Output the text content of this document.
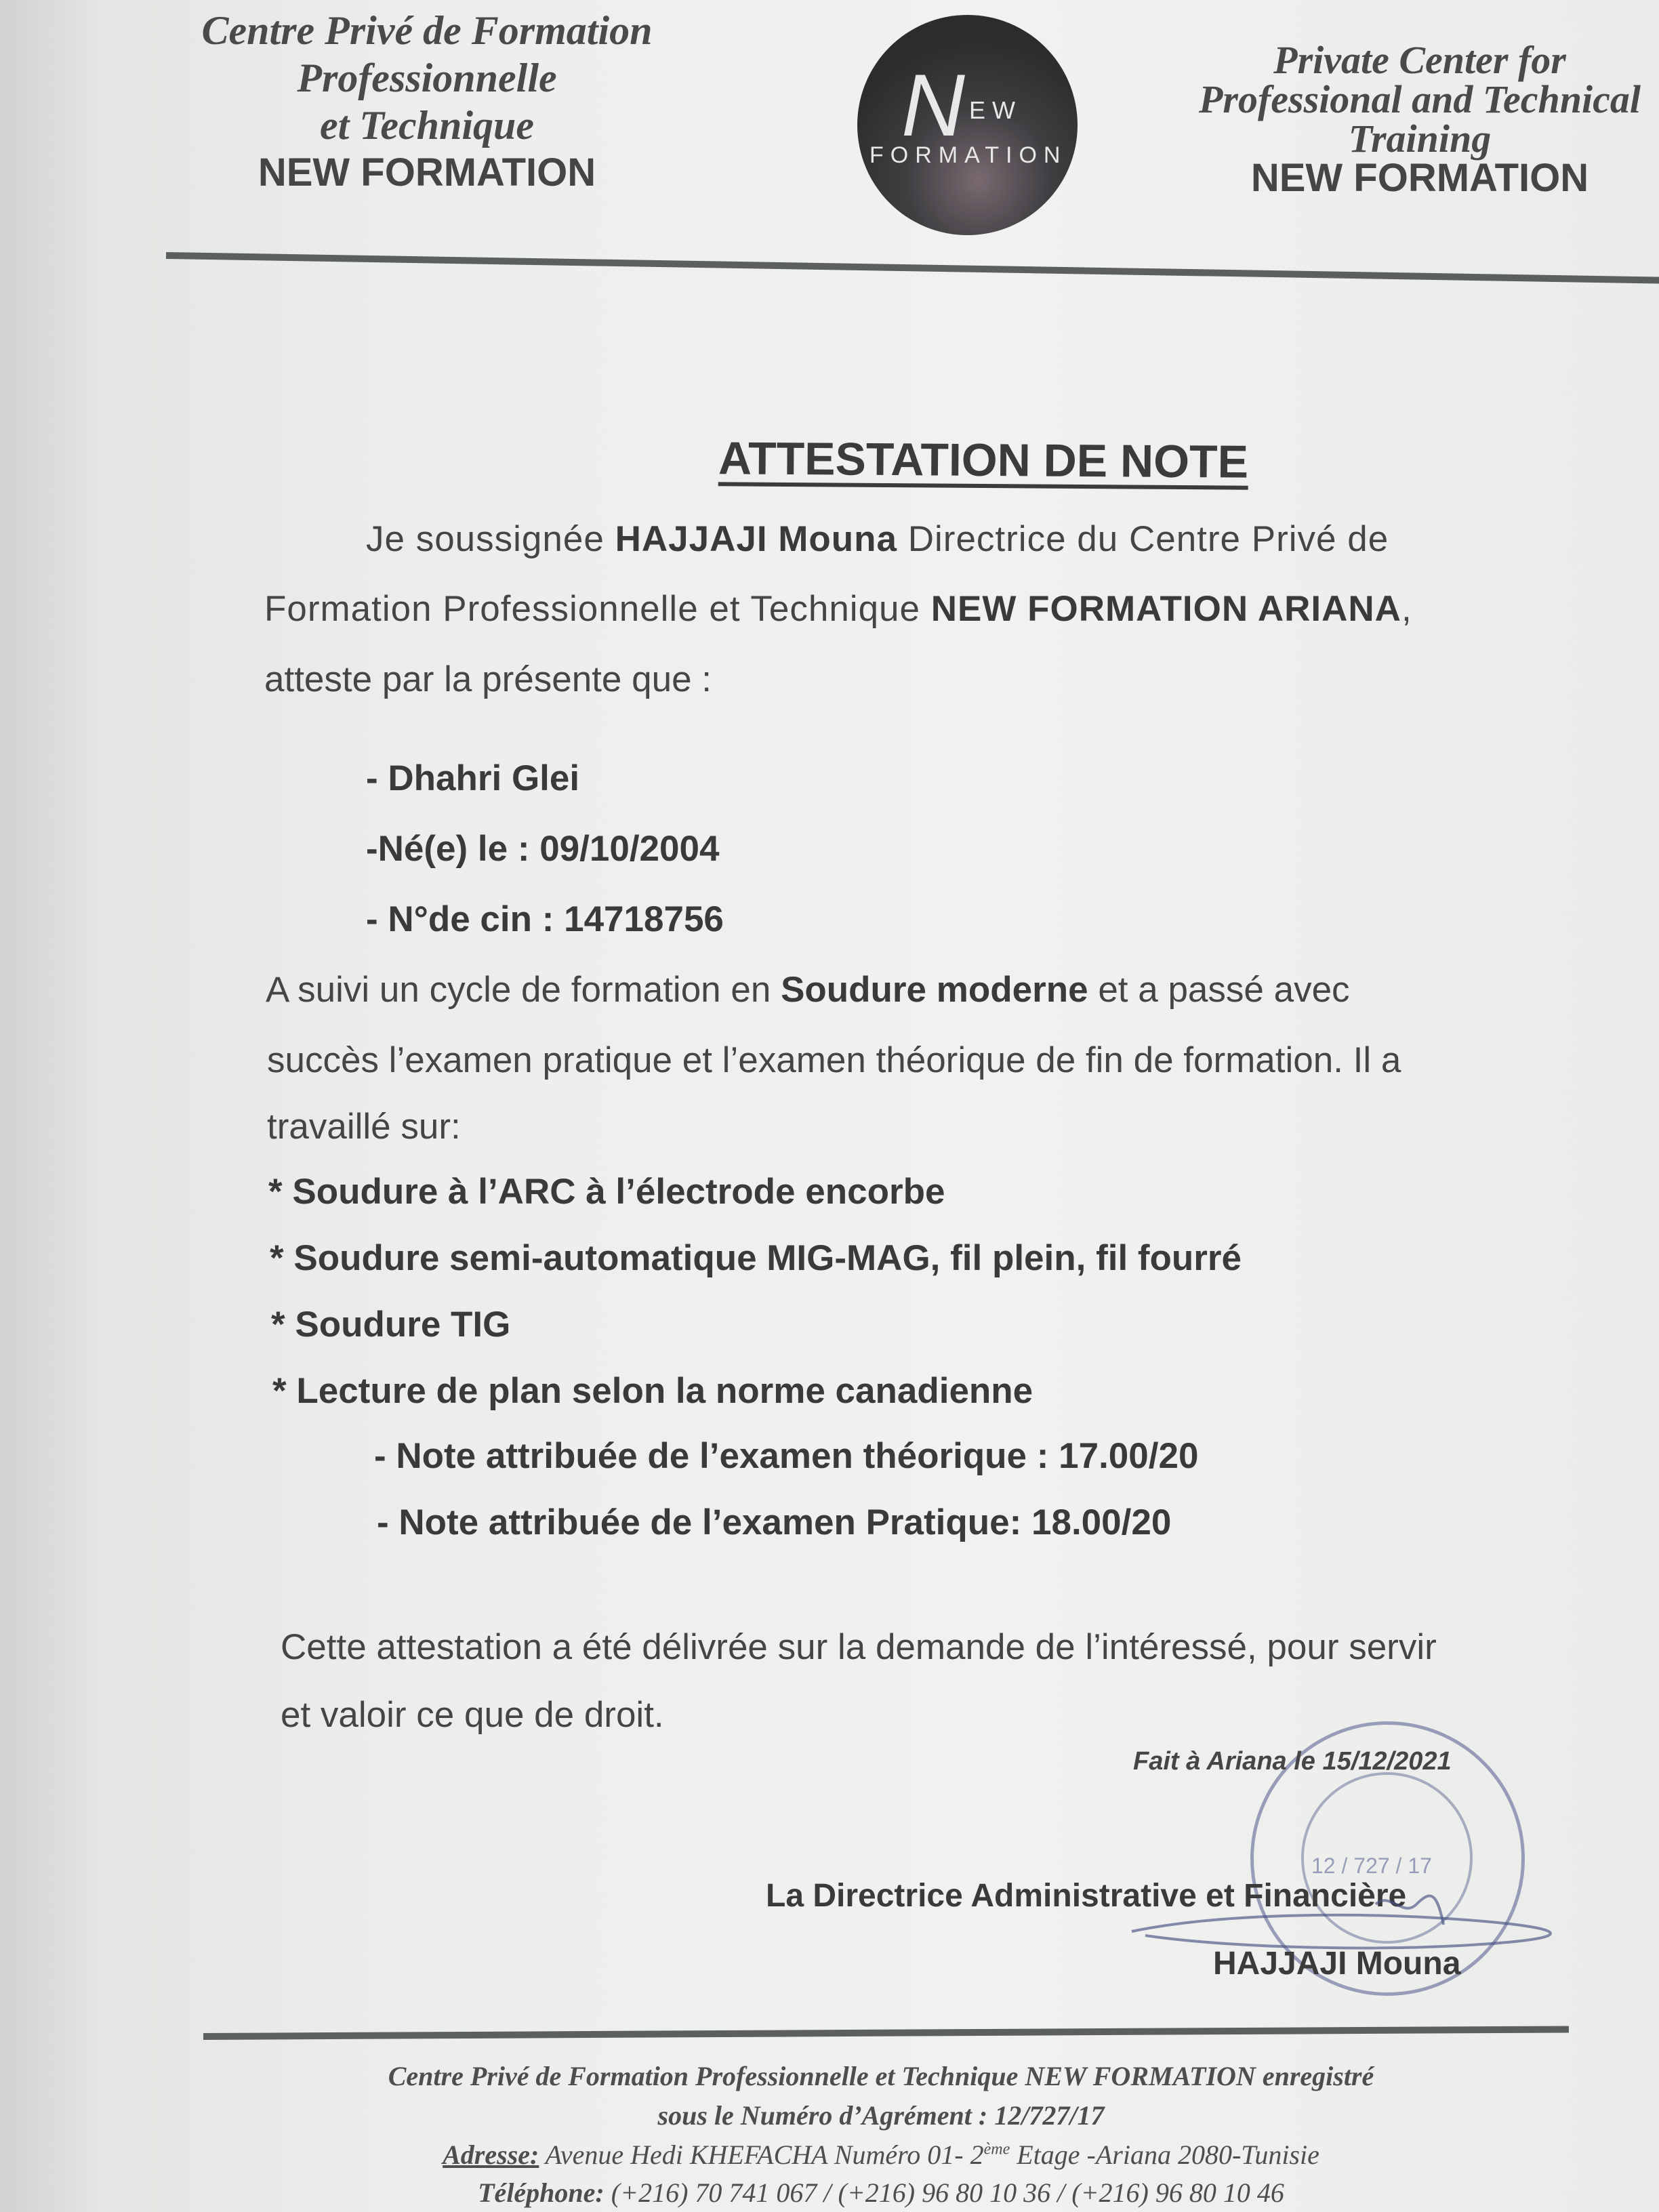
Centre Privé de Formation
Professionnelle
et Technique
NEW FORMATION
N EW
FORMATION
Private Center for
Professional and Technical
Training
NEW FORMATION
ATTESTATION DE NOTE
Je soussignée HAJJAJI Mouna Directrice du Centre Privé de
Formation Professionnelle et Technique NEW FORMATION ARIANA,
atteste par la présente que :
- Dhahri Glei
-Né(e) le : 09/10/2004
- N°de cin : 14718756
A suivi un cycle de formation en Soudure moderne et a passé avec
succès l’examen pratique et l’examen théorique de fin de formation. Il a
travaillé sur:
* Soudure à l’ARC à l’électrode encorbe
* Soudure semi-automatique MIG-MAG, fil plein, fil fourré
* Soudure TIG
* Lecture de plan selon la norme canadienne
- Note attribuée de l’examen théorique : 17.00/20
- Note attribuée de l’examen Pratique: 18.00/20
Cette attestation a été délivrée sur la demande de l’intéressé, pour servir
et valoir ce que de droit.
12 / 727 / 17
Fait à Ariana le 15/12/2021
La Directrice Administrative et Financière
HAJJAJI Mouna
Centre Privé de Formation Professionnelle et Technique NEW FORMATION enregistré
sous le Numéro d’Agrément : 12/727/17
Adresse: Avenue Hedi KHEFACHA Numéro 01- 2ème Etage -Ariana 2080-Tunisie
Téléphone: (+216) 70 741 067 / (+216) 96 80 10 36 / (+216) 96 80 10 46
